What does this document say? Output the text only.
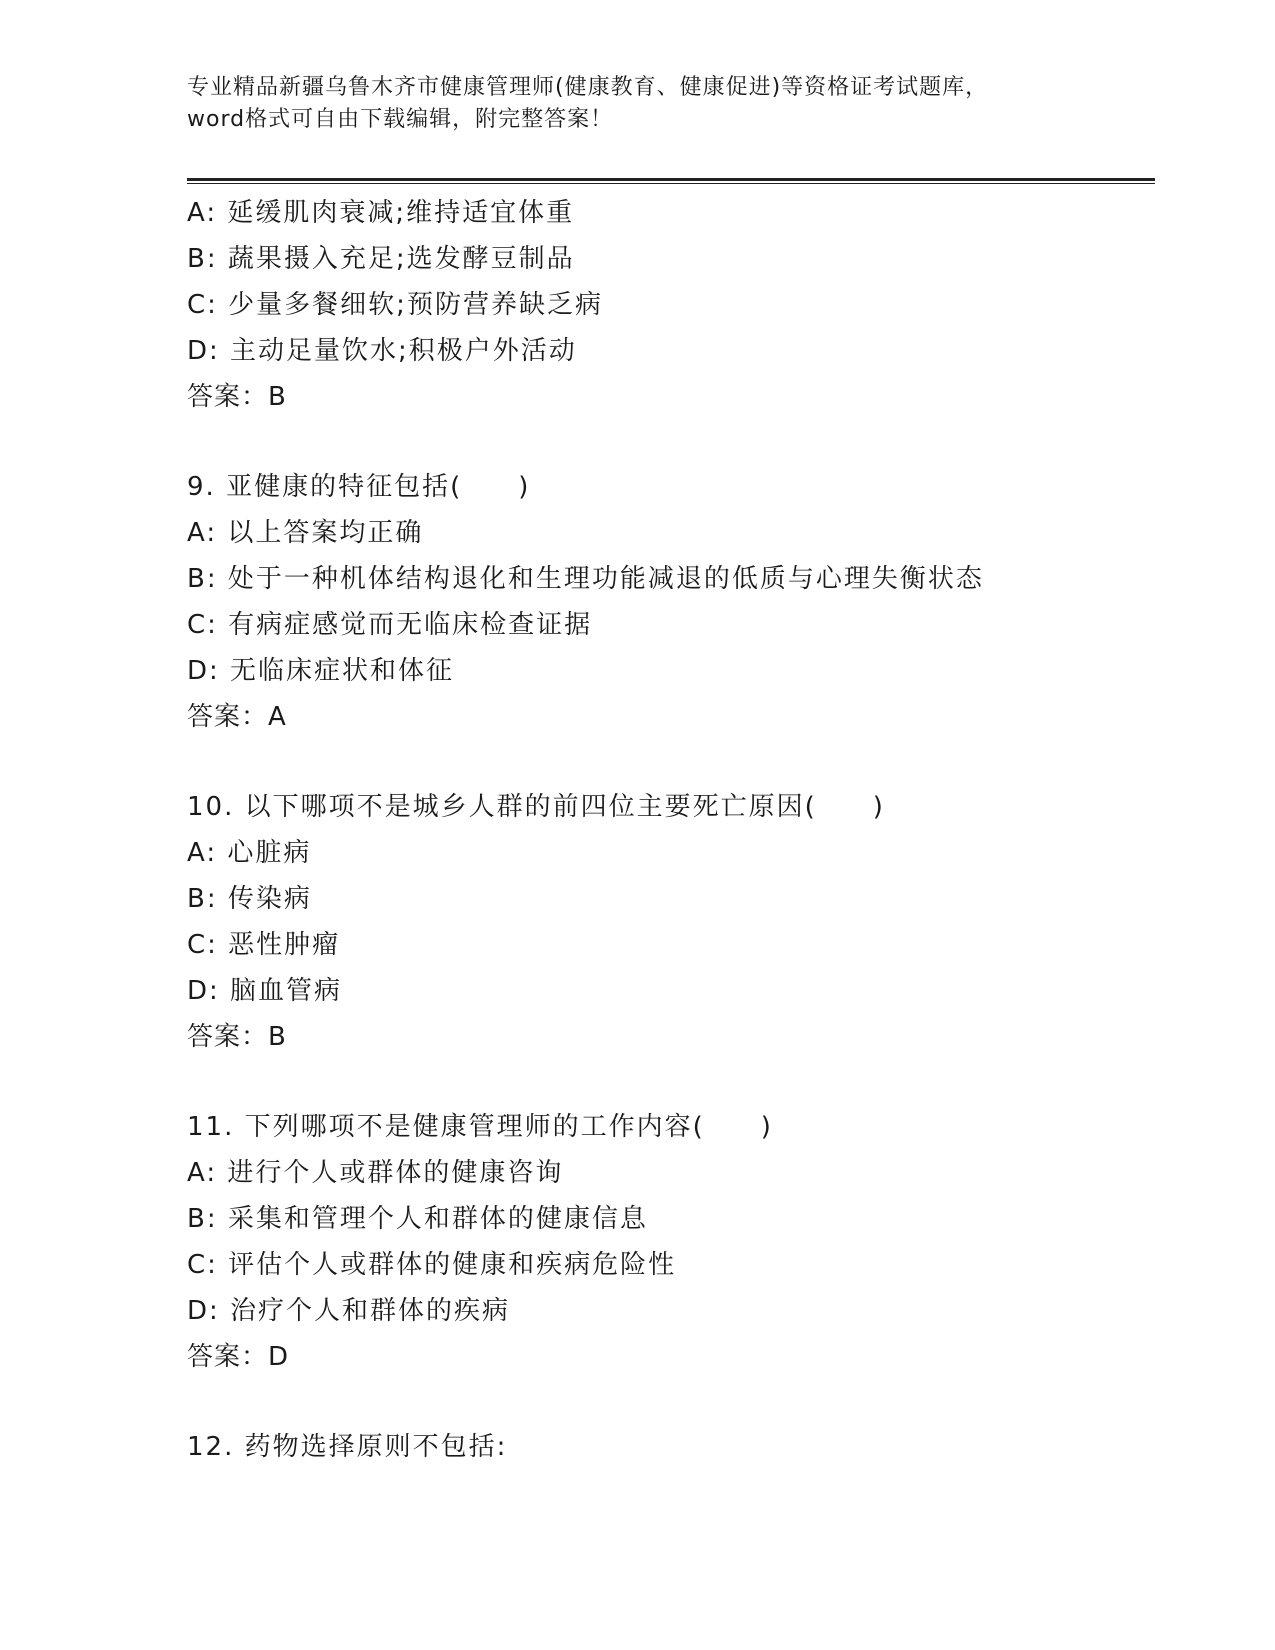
专业精品新疆乌鲁木齐市健康管理师(健康教育、健康促进)等资格证考试题库，
word格式可自由下载编辑，附完整答案！
A: 延缓肌肉衰减;维持适宜体重
B: 蔬果摄入充足;选发酵豆制品
C: 少量多餐细软;预防营养缺乏病
D: 主动足量饮水;积极户外活动
答案：B
9. 亚健康的特征包括(　　)
A: 以上答案均正确
B: 处于一种机体结构退化和生理功能减退的低质与心理失衡状态
C: 有病症感觉而无临床检查证据
D: 无临床症状和体征
答案：A
10. 以下哪项不是城乡人群的前四位主要死亡原因(　　)
A: 心脏病
B: 传染病
C: 恶性肿瘤
D: 脑血管病
答案：B
11. 下列哪项不是健康管理师的工作内容(　　)
A: 进行个人或群体的健康咨询
B: 采集和管理个人和群体的健康信息
C: 评估个人或群体的健康和疾病危险性
D: 治疗个人和群体的疾病
答案：D
12. 药物选择原则不包括:
